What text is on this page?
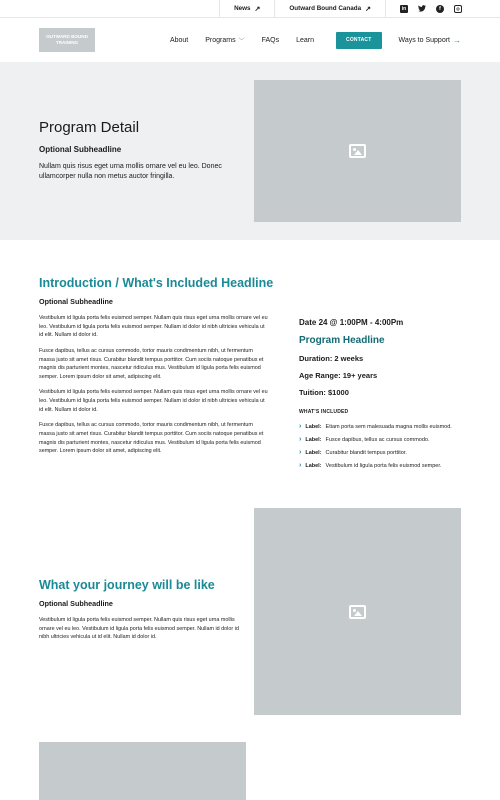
News ↗	Outward Bound Canada ↗	in	f
OUTWARD BOUND TRAINING	About Programs ﹀ FAQs Learn	CONTACT	Ways to Support →
Program Detail
Optional Subheadline

Nullam quis risus eget urna mollis ornare vel eu leo. Donec ullamcorper nulla non metus auctor fringilla.

Introduction / What's Included Headline
Optional Subheadline

Vestibulum id ligula porta felis euismod semper. Nullam quis risus eget urna mollis ornare vel eu leo. Vestibulum id ligula porta felis euismod semper. Nullam id dolor id nibh ultricies vehicula ut id elit. Nullam id dolor id.

Fusce dapibus, tellus ac cursus commodo, tortor mauris condimentum nibh, ut fermentum massa justo sit amet risus. Curabitur blandit tempus porttitor. Cum sociis natoque penatibus et magnis dis parturient montes, nascetur ridiculus mus. Vestibulum id ligula porta felis euismod semper. Lorem ipsum dolor sit amet, adipiscing elit.

Vestibulum id ligula porta felis euismod semper. Nullam quis risus eget urna mollis ornare vel eu leo. Vestibulum id ligula porta felis euismod semper. Nullam id dolor id nibh ultricies vehicula ut id elit. Nullam id dolor id.

Fusce dapibus, tellus ac cursus commodo, tortor mauris condimentum nibh, ut fermentum massa justo sit amet risus. Curabitur blandit tempus porttitor. Cum sociis natoque penatibus et magnis dis parturient montes, nascetur ridiculus mus. Vestibulum id ligula porta felis euismod semper. Lorem ipsum dolor sit amet, adipiscing elit.

Date 24 @ 1:00PM - 4:00Pm
Program Headline
Duration: 2 weeks
Age Range: 19+ years
Tuition: $1000
WHAT'S INCLUDED
› Label: Etiam porta sem malesuada magna mollis euismod.
› Label: Fusce dapibus, tellus ac cursus commodo.
› Label: Curabitur blandit tempus porttitor.
› Label: Vestibulum id ligula porta felis euismod semper.
What your journey will be like
Optional Subheadline

Vestibulum id ligula porta felis euismod semper. Nullam quis risus eget urna mollis ornare vel eu leo. Vestibulum id ligula porta felis euismod semper. Nullam id dolor id nibh ultricies vehicula ut id elit. Nullam id dolor id.
